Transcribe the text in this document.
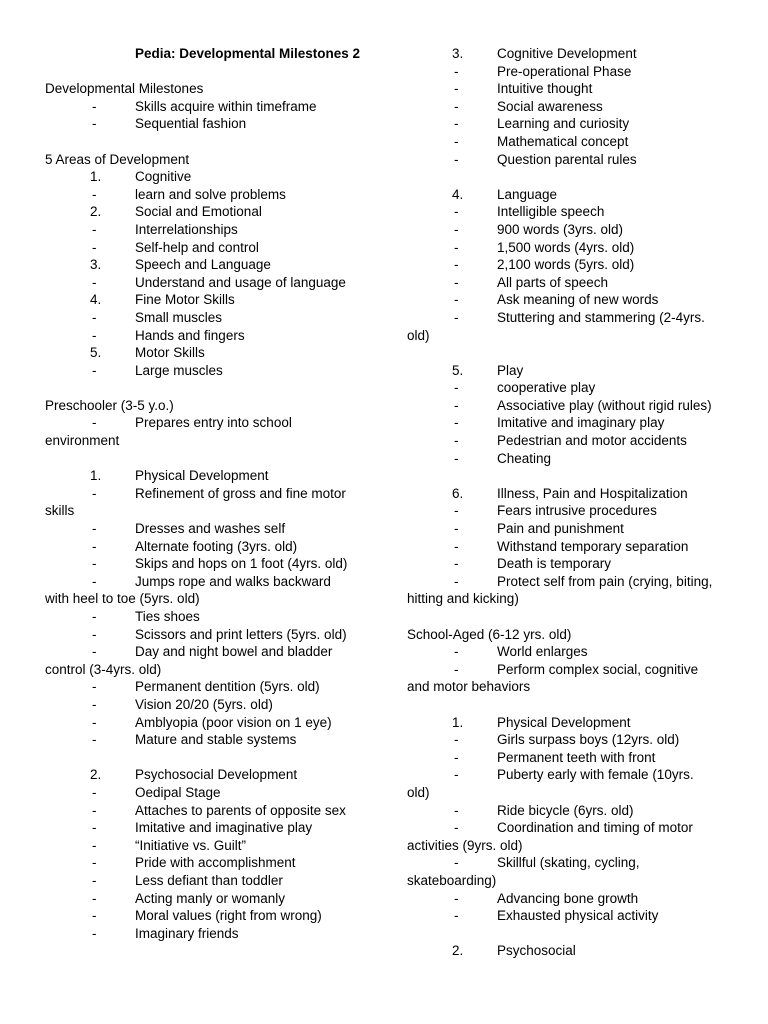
Pedia: Developmental Milestones 2
Developmental Milestones
-	Skills acquire within timeframe
-	Sequential fashion
5 Areas of Development
1.	Cognitive
-	learn and solve problems
2.	Social and Emotional
-	Interrelationships
-	Self-help and control
3.	Speech and Language
-	Understand and usage of language
4.	Fine Motor Skills
-	Small muscles
-	Hands and fingers
5.	Motor Skills
-	Large muscles
Preschooler (3-5 y.o.)
-	Prepares entry into school
environment
1.	Physical Development
-	Refinement of gross and fine motor
skills
-	Dresses and washes self
-	Alternate footing (3yrs. old)
-	Skips and hops on 1 foot (4yrs. old)
-	Jumps rope and walks backward
with heel to toe (5yrs. old)
-	Ties shoes
-	Scissors and print letters (5yrs. old)
-	Day and night bowel and bladder
control (3-4yrs. old)
-	Permanent dentition (5yrs. old)
-	Vision 20/20 (5yrs. old)
-	Amblyopia (poor vision on 1 eye)
-	Mature and stable systems
2.	Psychosocial Development
-	Oedipal Stage
-	Attaches to parents of opposite sex
-	Imitative and imaginative play
-	“Initiative vs. Guilt”
-	Pride with accomplishment
-	Less defiant than toddler
-	Acting manly or womanly
-	Moral values (right from wrong)
-	Imaginary friends
3.	Cognitive Development
-	Pre-operational Phase
-	Intuitive thought
-	Social awareness
-	Learning and curiosity
-	Mathematical concept
-	Question parental rules
4.	Language
-	Intelligible speech
-	900 words (3yrs. old)
-	1,500 words (4yrs. old)
-	2,100 words (5yrs. old)
-	All parts of speech
-	Ask meaning of new words
-	Stuttering and stammering (2-4yrs.
old)
5.	Play
-	cooperative play
-	Associative play (without rigid rules)
-	Imitative and imaginary play
-	Pedestrian and motor accidents
-	Cheating
6.	Illness, Pain and Hospitalization
-	Fears intrusive procedures
-	Pain and punishment
-	Withstand temporary separation
-	Death is temporary
-	Protect self from pain (crying, biting,
hitting and kicking)
School-Aged (6-12 yrs. old)
-	World enlarges
-	Perform complex social, cognitive
and motor behaviors
1.	Physical Development
-	Girls surpass boys (12yrs. old)
-	Permanent teeth with front
-	Puberty early with female (10yrs.
old)
-	Ride bicycle (6yrs. old)
-	Coordination and timing of motor
activities (9yrs. old)
-	Skillful (skating, cycling,
skateboarding)
-	Advancing bone growth
-	Exhausted physical activity
2.	Psychosocial
